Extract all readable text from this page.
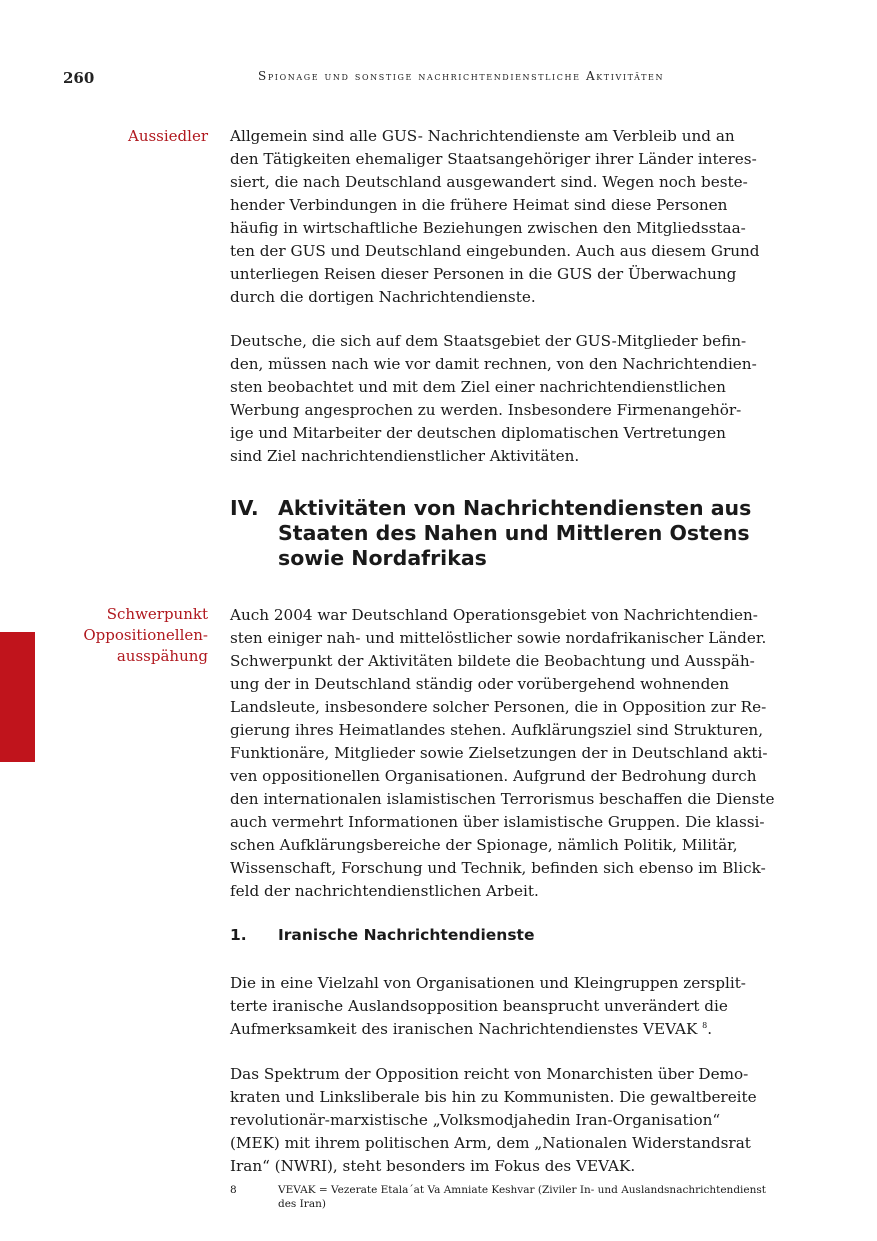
260	Spionage und sonstige nachrichtendienstliche Aktivitäten
Aussiedler Allgemein sind alle GUS- Nachrichtendienste am Verbleib und an
den Tätigkeiten ehemaliger Staatsangehöriger ihrer Länder interes-
siert, die nach Deutschland ausgewandert sind. Wegen noch beste-
hender Verbindungen in die frühere Heimat sind diese Personen
häufig in wirtschaftliche Beziehungen zwischen den Mitgliedsstaa-
ten der GUS und Deutschland eingebunden. Auch aus diesem Grund
unterliegen Reisen dieser Personen in die GUS der Überwachung
durch die dortigen Nachrichtendienste.
Deutsche, die sich auf dem Staatsgebiet der GUS-Mitglieder befin-
den, müssen nach wie vor damit rechnen, von den Nachrichtendien-
sten beobachtet und mit dem Ziel einer nachrichtendienstlichen
Werbung angesprochen zu werden. Insbesondere Firmenangehör-
ige und Mitarbeiter der deutschen diplomatischen Vertretungen
sind Ziel nachrichtendienstlicher Aktivitäten.
IV. Aktivitäten von Nachrichtendiensten aus
Staaten des Nahen und Mittleren Ostens
sowie Nordafrikas
Schwerpunkt
Oppositionellen-
ausspähung
Auch 2004 war Deutschland Operationsgebiet von Nachrichtendien-
sten einiger nah- und mittelöstlicher sowie nordafrikanischer Länder.
Schwerpunkt der Aktivitäten bildete die Beobachtung und Ausspäh-
ung der in Deutschland ständig oder vorübergehend wohnenden
Landsleute, insbesondere solcher Personen, die in Opposition zur Re-
gierung ihres Heimatlandes stehen. Aufklärungsziel sind Strukturen,
Funktionäre, Mitglieder sowie Zielsetzungen der in Deutschland akti-
ven oppositionellen Organisationen. Aufgrund der Bedrohung durch
den internationalen islamistischen Terrorismus beschaffen die Dienste
auch vermehrt Informationen über islamistische Gruppen. Die klassi-
schen Aufklärungsbereiche der Spionage, nämlich Politik, Militär,
Wissenschaft, Forschung und Technik, befinden sich ebenso im Blick-
feld der nachrichtendienstlichen Arbeit.
1. Iranische Nachrichtendienste
Die in eine Vielzahl von Organisationen und Kleingruppen zersplit-
terte iranische Auslandsopposition beansprucht unverändert die
Aufmerksamkeit des iranischen Nachrichtendienstes VEVAK $^8$.
Das Spektrum der Opposition reicht von Monarchisten über Demo-
kraten und Linksliberale bis hin zu Kommunisten. Die gewaltbereite
revolutionär-marxistische „Volksmodjahedin Iran-Organisation“
(MEK) mit ihrem politischen Arm, dem „Nationalen Widerstandsrat
Iran“ (NWRI), steht besonders im Fokus des VEVAK.
8	VEVAK = Vezerate Etala´at Va Amniate Keshvar (Ziviler In- und Auslandsnachrichtendienst des Iran)
